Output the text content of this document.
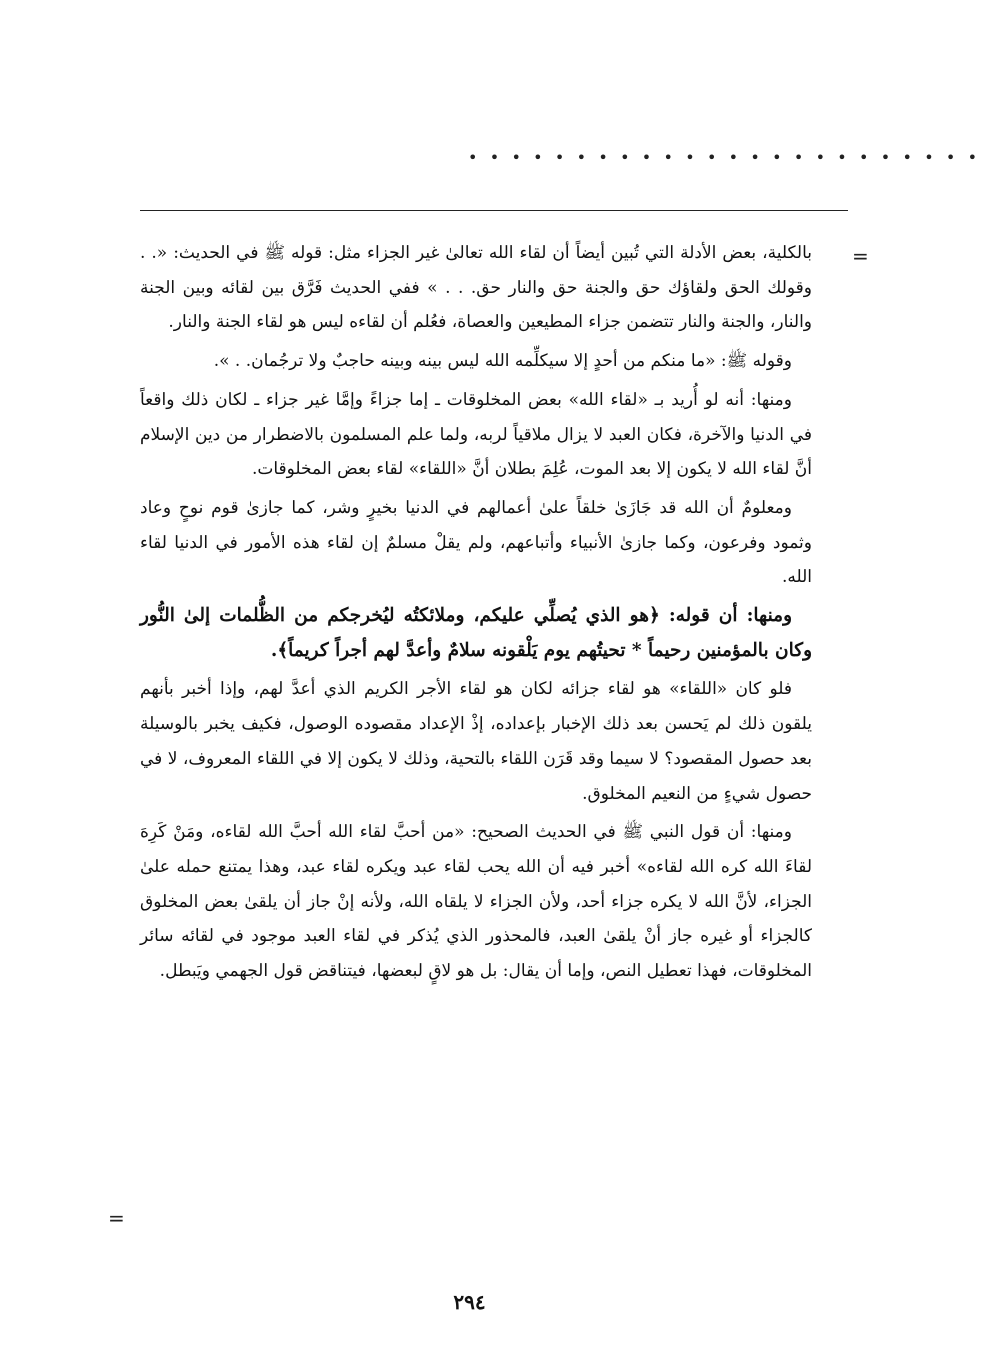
• • • • • • • • • • • • • • • • • • • • • • • •
=
=

بالكلية، بعض الأدلة التي تُبين أيضاً أن لقاء الله تعالىٰ غير الجزاء مثل: قوله ﷺ في الحديث: «. . وقولك الحق ولقاؤك حق والجنة حق والنار حق. . . » ففي الحديث فَرَّق بين لقائه وبين الجنة والنار، والجنة والنار تتضمن جزاء المطيعين والعصاة، فعُلم أن لقاءه ليس هو لقاء الجنة والنار.

وقوله ﷺ: «ما منكم من أحدٍ إلا سيكلِّمه الله ليس بينه وبينه حاجبٌ ولا ترجُمان. . ».

ومنها: أنه لو أُريد بـ «لقاء الله» بعض المخلوقات ـ إما جزاءً وإمَّا غير جزاء ـ لكان ذلك واقعاً في الدنيا والآخرة، فكان العبد لا يزال ملاقياً لربه، ولما علم المسلمون بالاضطرار من دين الإسلام أنَّ لقاء الله لا يكون إلا بعد الموت، عُلِمَ بطلان أنَّ «اللقاء» لقاء بعض المخلوقات.

ومعلومٌ أن الله قد جَازَىٰ خلقاً علىٰ أعمالهم في الدنيا بخيرٍ وشر، كما جازىٰ قوم نوحٍ وعاد وثمود وفرعون، وكما جازىٰ الأنبياء وأتباعهم، ولم يقلْ مسلمٌ إن لقاء هذه الأمور في الدنيا لقاء الله.

ومنها: أن قوله: ﴿هو الذي يُصلِّي عليكم، وملائكتُه ليُخرجكم من الظُّلمات إلىٰ النُّور وكان بالمؤمنين رحيماً * تحيتُهم يوم يَلْقونه سلامٌ وأعدَّ لهم أجراً كريماً﴾.

فلو كان «اللقاء» هو لقاء جزائه لكان هو لقاء الأجر الكريم الذي أعدَّ لهم، وإذا أخبر بأنهم يلقون ذلك لم يَحسن بعد ذلك الإخبار بإعداده، إذْ الإعداد مقصوده الوصول، فكيف يخبر بالوسيلة بعد حصول المقصود؟ لا سيما وقد قَرَن اللقاء بالتحية، وذلك لا يكون إلا في اللقاء المعروف، لا في حصول شيءٍ من النعيم المخلوق.

ومنها: أن قول النبي ﷺ في الحديث الصحيح: «من أحبَّ لقاء الله أحبَّ الله لقاءه، ومَنْ كَرِهَ لقاءَ الله كره الله لقاءه» أخبر فيه أن الله يحب لقاء عبد ويكره لقاء عبد، وهذا يمتنع حمله علىٰ الجزاء، لأنَّ الله لا يكره جزاء أحد، ولأن الجزاء لا يلقاه الله، ولأنه إنْ جاز أن يلقىٰ بعض المخلوق كالجزاء أو غيره جاز أنْ يلقىٰ العبد، فالمحذور الذي يُذكر في لقاء العبد موجود في لقائه سائر المخلوقات، فهذا تعطيل النص، وإما أن يقال: بل هو لاقٍ لبعضها، فيتناقض قول الجهمي ويَبطل.

٢٩٤
